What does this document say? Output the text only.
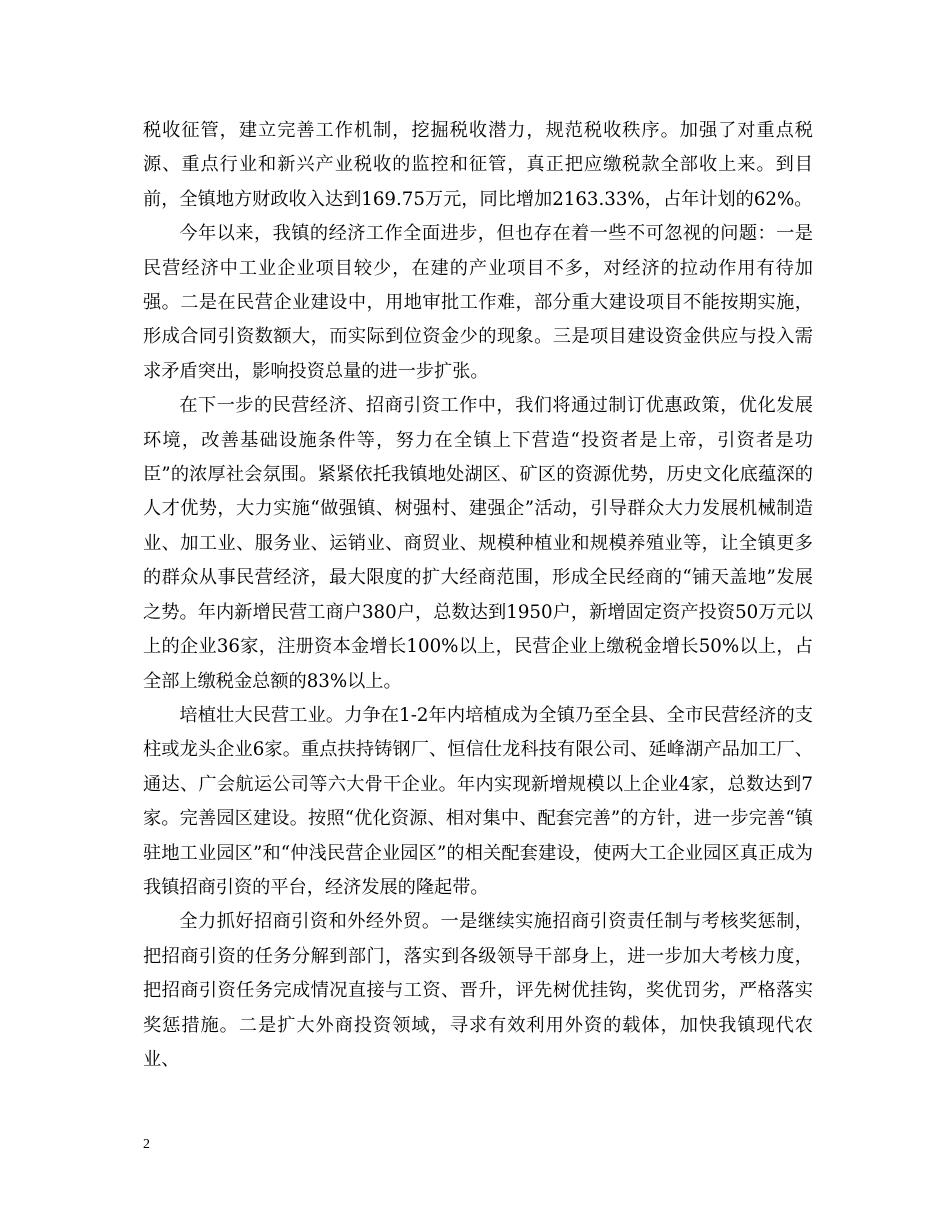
税收征管，建立完善工作机制，挖掘税收潜力，规范税收秩序。加强了对重点税源、重点行业和新兴产业税收的监控和征管，真正把应缴税款全部收上来。到目前，全镇地方财政收入达到169.75万元，同比增加2163.33%，占年计划的62%。

今年以来，我镇的经济工作全面进步，但也存在着一些不可忽视的问题：一是民营经济中工业企业项目较少，在建的产业项目不多，对经济的拉动作用有待加强。二是在民营企业建设中，用地审批工作难，部分重大建设项目不能按期实施，形成合同引资数额大，而实际到位资金少的现象。三是项目建设资金供应与投入需求矛盾突出，影响投资总量的进一步扩张。

在下一步的民营经济、招商引资工作中，我们将通过制订优惠政策，优化发展环境，改善基础设施条件等，努力在全镇上下营造“投资者是上帝，引资者是功臣”的浓厚社会氛围。紧紧依托我镇地处湖区、矿区的资源优势，历史文化底蕴深的人才优势，大力实施“做强镇、树强村、建强企”活动，引导群众大力发展机械制造业、加工业、服务业、运销业、商贸业、规模种植业和规模养殖业等，让全镇更多的群众从事民营经济，最大限度的扩大经商范围，形成全民经商的“铺天盖地”发展之势。年内新增民营工商户380户，总数达到1950户，新增固定资产投资50万元以上的企业36家，注册资本金增长100%以上，民营企业上缴税金增长50%以上，占全部上缴税金总额的83%以上。

培植壮大民营工业。力争在1-2年内培植成为全镇乃至全县、全市民营经济的支柱或龙头企业6家。重点扶持铸钢厂、恒信仕龙科技有限公司、延峰湖产品加工厂、通达、广会航运公司等六大骨干企业。年内实现新增规模以上企业4家，总数达到7家。完善园区建设。按照“优化资源、相对集中、配套完善”的方针，进一步完善“镇驻地工业园区”和“仲浅民营企业园区”的相关配套建设，使两大工企业园区真正成为我镇招商引资的平台，经济发展的隆起带。

全力抓好招商引资和外经外贸。一是继续实施招商引资责任制与考核奖惩制，把招商引资的任务分解到部门，落实到各级领导干部身上，进一步加大考核力度，把招商引资任务完成情况直接与工资、晋升，评先树优挂钩，奖优罚劣，严格落实奖惩措施。二是扩大外商投资领域，寻求有效利用外资的载体，加快我镇现代农业、

2
